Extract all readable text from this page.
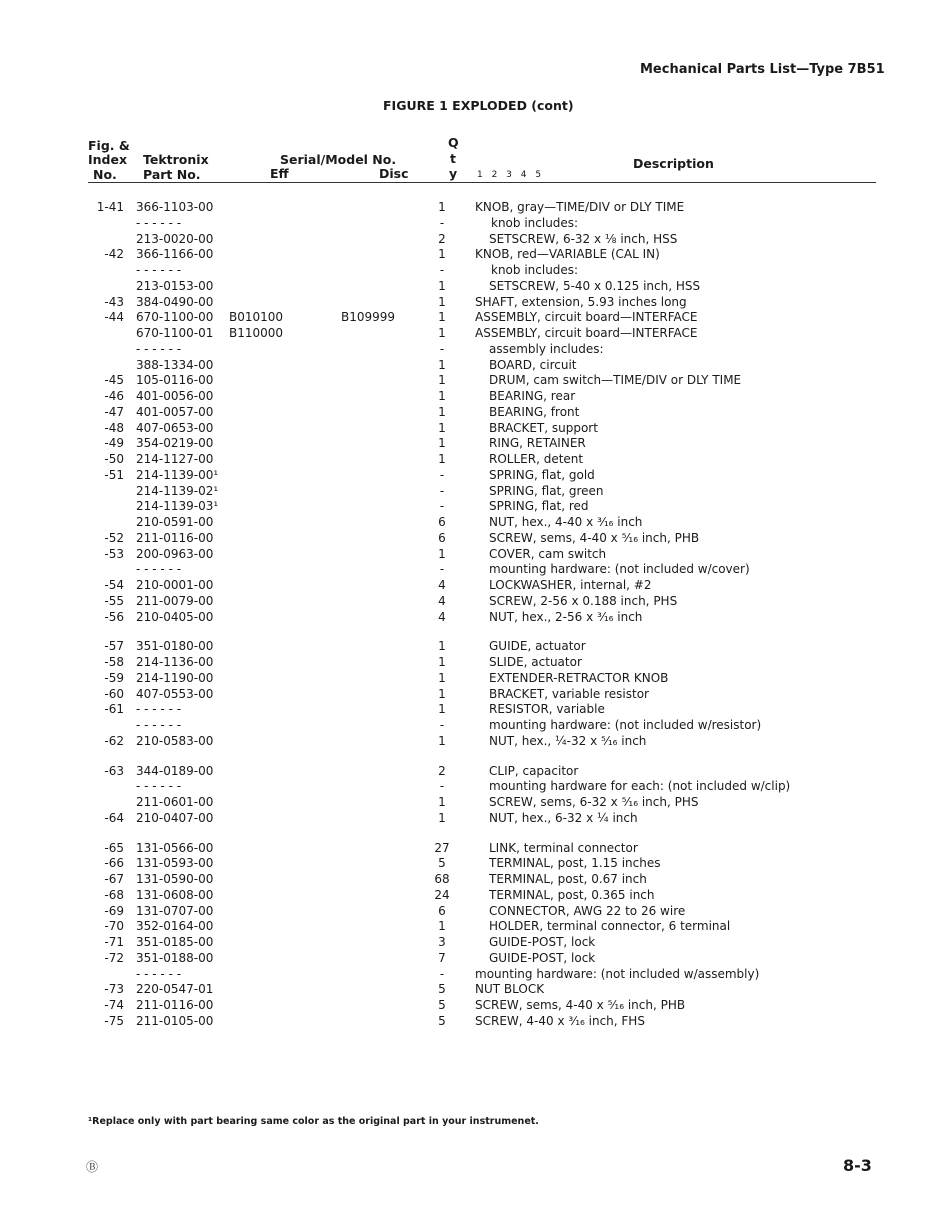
Mechanical Parts List—Type 7B51
FIGURE 1 EXPLODED (cont)
Fig. &
Index
No.
Tektronix
Part No.
Serial/Model No.
Eff	Disc
Q
t
y 1 2 3 4 5
Description
1-41 366-1103-00	1	KNOB, gray—TIME/DIV or DLY TIME
- - - - - -	-	knob includes:
213-0020-00	2	SETSCREW, 6-32 x ⅛ inch, HSS
-42 366-1166-00	1	KNOB, red—VARIABLE (CAL IN)
- - - - - -	-	knob includes:
213-0153-00	1	SETSCREW, 5-40 x 0.125 inch, HSS
-43 384-0490-00	1	SHAFT, extension, 5.93 inches long
-44 670-1100-00 B010100	B109999	1	ASSEMBLY, circuit board—INTERFACE
670-1100-01 B110000	1	ASSEMBLY, circuit board—INTERFACE
- - - - - -	-	assembly includes:
388-1334-00	1	BOARD, circuit
-45 105-0116-00	1	DRUM, cam switch—TIME/DIV or DLY TIME
-46 401-0056-00	1	BEARING, rear
-47 401-0057-00	1	BEARING, front
-48 407-0653-00	1	BRACKET, support
-49 354-0219-00	1	RING, RETAINER
-50 214-1127-00	1	ROLLER, detent
-51 214-1139-00¹	-	SPRING, flat, gold
214-1139-02¹	-	SPRING, flat, green
214-1139-03¹	-	SPRING, flat, red
210-0591-00	6	NUT, hex., 4-40 x ³⁄₁₆ inch
-52 211-0116-00	6	SCREW, sems, 4-40 x ⁵⁄₁₆ inch, PHB
-53 200-0963-00	1	COVER, cam switch
- - - - - -	-	mounting hardware: (not included w/cover)
-54 210-0001-00	4	LOCKWASHER, internal, #2
-55 211-0079-00	4	SCREW, 2-56 x 0.188 inch, PHS
-56 210-0405-00	4	NUT, hex., 2-56 x ³⁄₁₆ inch
-57 351-0180-00	1	GUIDE, actuator
-58 214-1136-00	1	SLIDE, actuator
-59 214-1190-00	1	EXTENDER-RETRACTOR KNOB
-60 407-0553-00	1	BRACKET, variable resistor
-61 - - - - - -	1	RESISTOR, variable
- - - - - -	-	mounting hardware: (not included w/resistor)
-62 210-0583-00	1	NUT, hex., ¼-32 x ⁵⁄₁₆ inch
-63 344-0189-00	2	CLIP, capacitor
- - - - - -	-	mounting hardware for each: (not included w/clip)
211-0601-00	1	SCREW, sems, 6-32 x ⁵⁄₁₆ inch, PHS
-64 210-0407-00	1	NUT, hex., 6-32 x ¼ inch
-65 131-0566-00	27	LINK, terminal connector
-66 131-0593-00	5	TERMINAL, post, 1.15 inches
-67 131-0590-00	68	TERMINAL, post, 0.67 inch
-68 131-0608-00	24	TERMINAL, post, 0.365 inch
-69 131-0707-00	6	CONNECTOR, AWG 22 to 26 wire
-70 352-0164-00	1	HOLDER, terminal connector, 6 terminal
-71 351-0185-00	3	GUIDE-POST, lock
-72 351-0188-00	7	GUIDE-POST, lock
- - - - - -	-	mounting hardware: (not included w/assembly)
-73 220-0547-01	5	NUT BLOCK
-74 211-0116-00	5	SCREW, sems, 4-40 x ⁵⁄₁₆ inch, PHB
-75 211-0105-00	5	SCREW, 4-40 x ³⁄₁₆ inch, FHS
¹Replace only with part bearing same color as the original part in your instrumenet.
Ⓑ	8-3
